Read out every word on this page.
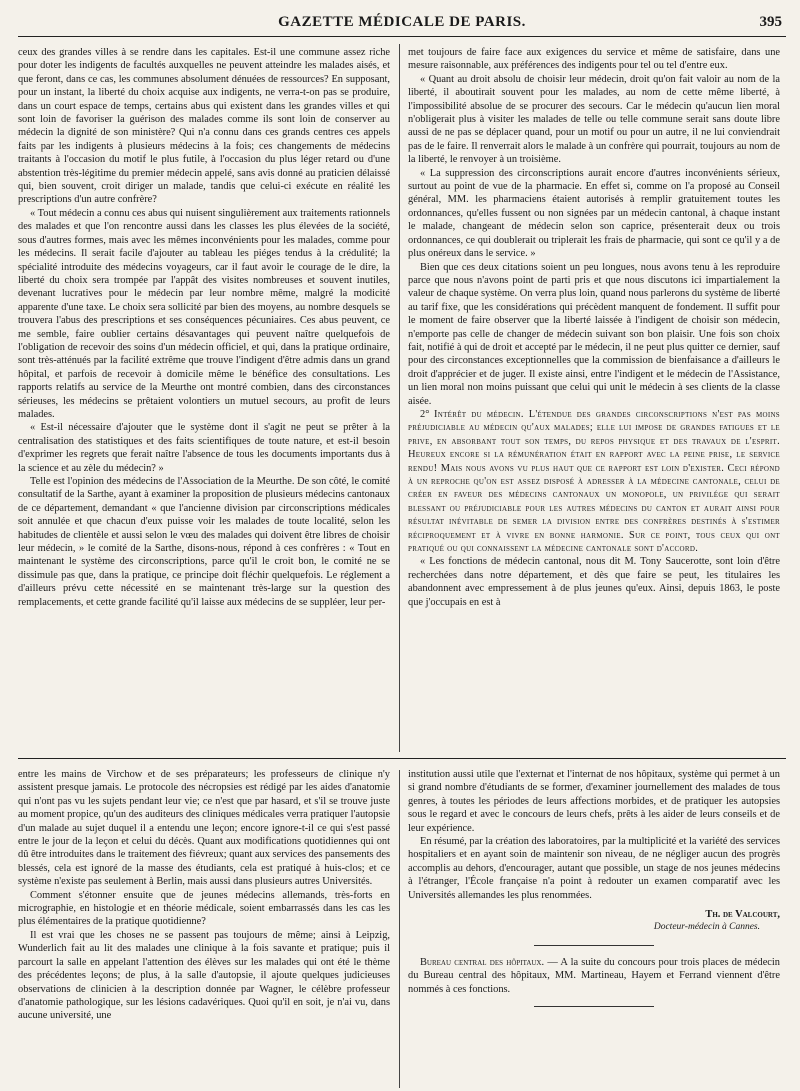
GAZETTE MÉDICALE DE PARIS.	395

ceux des grandes villes à se rendre dans les capitales. Est-il une commune assez riche pour doter les indigents de facultés auxquelles ne peuvent atteindre les malades aisés, et que feront, dans ce cas, les communes absolument dénuées de ressources? En supposant, pour un instant, la liberté du choix acquise aux indigents, ne verra-t-on pas se produire, dans un court espace de temps, certains abus qui existent dans les grandes villes et qui sont loin de favoriser la guérison des malades comme ils sont loin de conserver au médecin la dignité de son ministère? Qui n'a connu dans ces grands centres ces appels faits par les indigents à plusieurs médecins à la fois; ces changements de médecins traitants à l'occasion du motif le plus futile, à l'occasion du plus léger retard ou d'une abstention très-légitime du premier médecin appelé, sans avis donné au praticien délaissé qui, bien souvent, croit diriger un malade, tandis que celui-ci exécute en réalité les prescriptions d'un autre confrère?

« Tout médecin a connu ces abus qui nuisent singulièrement aux traitements rationnels des malades et que l'on rencontre aussi dans les classes les plus élevées de la société, sous d'autres formes, mais avec les mêmes inconvénients pour les malades, comme pour les médecins. Il serait facile d'ajouter au tableau les piéges tendus à la crédulité; la spécialité introduite des médecins voyageurs, car il faut avoir le courage de le dire, la liberté du choix sera trompée par l'appât des visites nombreuses et souvent inutiles, devenant lucratives pour le médecin par leur nombre même, malgré la modicité apparente d'une taxe. Le choix sera sollicité par bien des moyens, au nombre desquels se trouvera l'abus des prescriptions et ses conséquences pécuniaires. Ces abus peuvent, ce me semble, faire oublier certains désavantages qui peuvent naître quelquefois de l'obligation de recevoir des soins d'un médecin officiel, et qui, dans la pratique ordinaire, sont très-atténués par la facilité extrême que trouve l'indigent d'être admis dans un grand hôpital, et parfois de recevoir à domicile même le bénéfice des consultations. Les rapports relatifs au service de la Meurthe ont montré combien, dans des circonstances sérieuses, les médecins se prêtaient volontiers un mutuel secours, au profit de leurs malades.

« Est-il nécessaire d'ajouter que le système dont il s'agit ne peut se prêter à la centralisation des statistiques et des faits scientifiques de toute nature, et est-il besoin d'exprimer les regrets que ferait naître l'absence de tous les documents importants dus à la science et au zèle du médecin? »

Telle est l'opinion des médecins de l'Association de la Meurthe. De son côté, le comité consultatif de la Sarthe, ayant à examiner la proposition de plusieurs médecins cantonaux de ce département, demandant « que l'ancienne division par circonscriptions médicales soit annulée et que chacun d'eux puisse voir les malades de toute localité, selon les habitudes de clientèle et aussi selon le vœu des malades qui doivent être libres de choisir leur médecin, » le comité de la Sarthe, disons-nous, répond à ces confrères : « Tout en maintenant le système des circonscriptions, parce qu'il le croit bon, le comité ne se dissimule pas que, dans la pratique, ce principe doit fléchir quelquefois. Le réglement a d'ailleurs prévu cette nécessité en se maintenant très-large sur la question des remplacements, et cette grande facilité qu'il laisse aux médecins de se suppléer, leur per-

met toujours de faire face aux exigences du service et même de satisfaire, dans une mesure raisonnable, aux préférences des indigents pour tel ou tel d'entre eux.

« Quant au droit absolu de choisir leur médecin, droit qu'on fait valoir au nom de la liberté, il aboutirait souvent pour les malades, au nom de cette même liberté, à l'impossibilité absolue de se procurer des secours. Car le médecin qu'aucun lien moral n'obligerait plus à visiter les malades de telle ou telle commune serait sans doute libre aussi de ne pas se déplacer quand, pour un motif ou pour un autre, il ne lui conviendrait pas de le faire. Il renverrait alors le malade à un confrère qui pourrait, toujours au nom de la liberté, le renvoyer à un troisième.

« La suppression des circonscriptions aurait encore d'autres inconvénients sérieux, surtout au point de vue de la pharmacie. En effet si, comme on l'a proposé au Conseil général, MM. les pharmaciens étaient autorisés à remplir gratuitement toutes les ordonnances, qu'elles fussent ou non signées par un médecin cantonal, à chaque instant le malade, changeant de médecin selon son caprice, présenterait deux ou trois ordonnances, ce qui doublerait ou triplerait les frais de pharmacie, qui sont ce qu'il y a de plus onéreux dans le service. »

Bien que ces deux citations soient un peu longues, nous avons tenu à les reproduire parce que nous n'avons point de parti pris et que nous discutons ici impartialement la valeur de chaque système. On verra plus loin, quand nous parlerons du système de liberté au tarif fixe, que les considérations qui précèdent manquent de fondement. Il suffit pour le moment de faire observer que la liberté laissée à l'indigent de choisir son médecin, n'emporte pas celle de changer de médecin suivant son bon plaisir. Une fois son choix fait, notifié à qui de droit et accepté par le médecin, il ne peut plus quitter ce dernier, sauf pour des circonstances exceptionnelles que la commission de bienfaisance a d'ailleurs le droit d'apprécier et de juger. Il existe ainsi, entre l'indigent et le médecin de l'Assistance, un lien moral non moins puissant que celui qui unit le médecin à ses clients de la classe aisée.

2° Intérêt du médecin. L'étendue des grandes circonscriptions n'est pas moins préjudiciable au médecin qu'aux malades; elle lui impose de grandes fatigues et le prive, en absorbant tout son temps, du repos physique et des travaux de l'esprit. Heureux encore si la rémunération était en rapport avec la peine prise, le service rendu! Mais nous avons vu plus haut que ce rapport est loin d'exister. Ceci répond à un reproche qu'on est assez disposé à adresser à la médecine cantonale, celui de créer en faveur des médecins cantonaux un monopole, un privilége qui serait blessant ou préjudiciable pour les autres médecins du canton et aurait ainsi pour résultat inévitable de semer la division entre des confrères destinés à s'estimer réciproquement et à vivre en bonne harmonie. Sur ce point, tous ceux qui ont pratiqué ou qui connaissent la médecine cantonale sont d'accord.

« Les fonctions de médecin cantonal, nous dit M. Tony Saucerotte, sont loin d'être recherchées dans notre département, et dès que faire se peut, les titulaires les abandonnent avec empressement à de plus jeunes qu'eux. Ainsi, depuis 1863, le poste que j'occupais en est à

entre les mains de Virchow et de ses préparateurs; les professeurs de clinique n'y assistent presque jamais. Le protocole des nécropsies est rédigé par les aides d'anatomie qui n'ont pas vu les sujets pendant leur vie; ce n'est que par hasard, et s'il se trouve juste au moment propice, qu'un des auditeurs des cliniques médicales verra pratiquer l'autopsie d'un malade au sujet duquel il a entendu une leçon; encore ignore-t-il ce qui s'est passé entre le jour de la leçon et celui du décès. Quant aux modifications quotidiennes qui ont dû être introduites dans le traitement des fiévreux; quant aux services des pansements des blessés, cela est ignoré de la masse des étudiants, cela est pratiqué à huis-clos; et ce système n'existe pas seulement à Berlin, mais aussi dans plusieurs autres Universités.

Comment s'étonner ensuite que de jeunes médecins allemands, très-forts en micrographie, en histologie et en théorie médicale, soient embarrassés dans les cas les plus élémentaires de la pratique quotidienne?

Il est vrai que les choses ne se passent pas toujours de même; ainsi à Leipzig, Wunderlich fait au lit des malades une clinique à la fois savante et pratique; puis il parcourt la salle en appelant l'attention des élèves sur les malades qui ont été le thème des précédentes leçons; de plus, à la salle d'autopsie, il ajoute quelques judicieuses observations de clinicien à la description donnée par Wagner, le célèbre professeur d'anatomie pathologique, sur les lésions cadavériques. Quoi qu'il en soit, je n'ai vu, dans aucune université, une

institution aussi utile que l'externat et l'internat de nos hôpitaux, système qui permet à un si grand nombre d'étudiants de se former, d'examiner journellement des malades de tous genres, à toutes les périodes de leurs affections morbides, et de pratiquer les autopsies sous le regard et avec le concours de leurs chefs, prêts à les aider de leurs conseils et de leur expérience.

En résumé, par la création des laboratoires, par la multiplicité et la variété des services hospitaliers et en ayant soin de maintenir son niveau, de ne négliger aucun des progrès accomplis au dehors, d'encourager, autant que possible, un stage de nos jeunes médecins à l'étranger, l'École française n'a point à redouter un examen comparatif avec les Universités allemandes les plus renommées.

Th. de Valcourt,

Docteur-médecin à Cannes.

Bureau central des hôpitaux. — A la suite du concours pour trois places de médecin du Bureau central des hôpitaux, MM. Martineau, Hayem et Ferrand viennent d'être nommés à ces fonctions.
